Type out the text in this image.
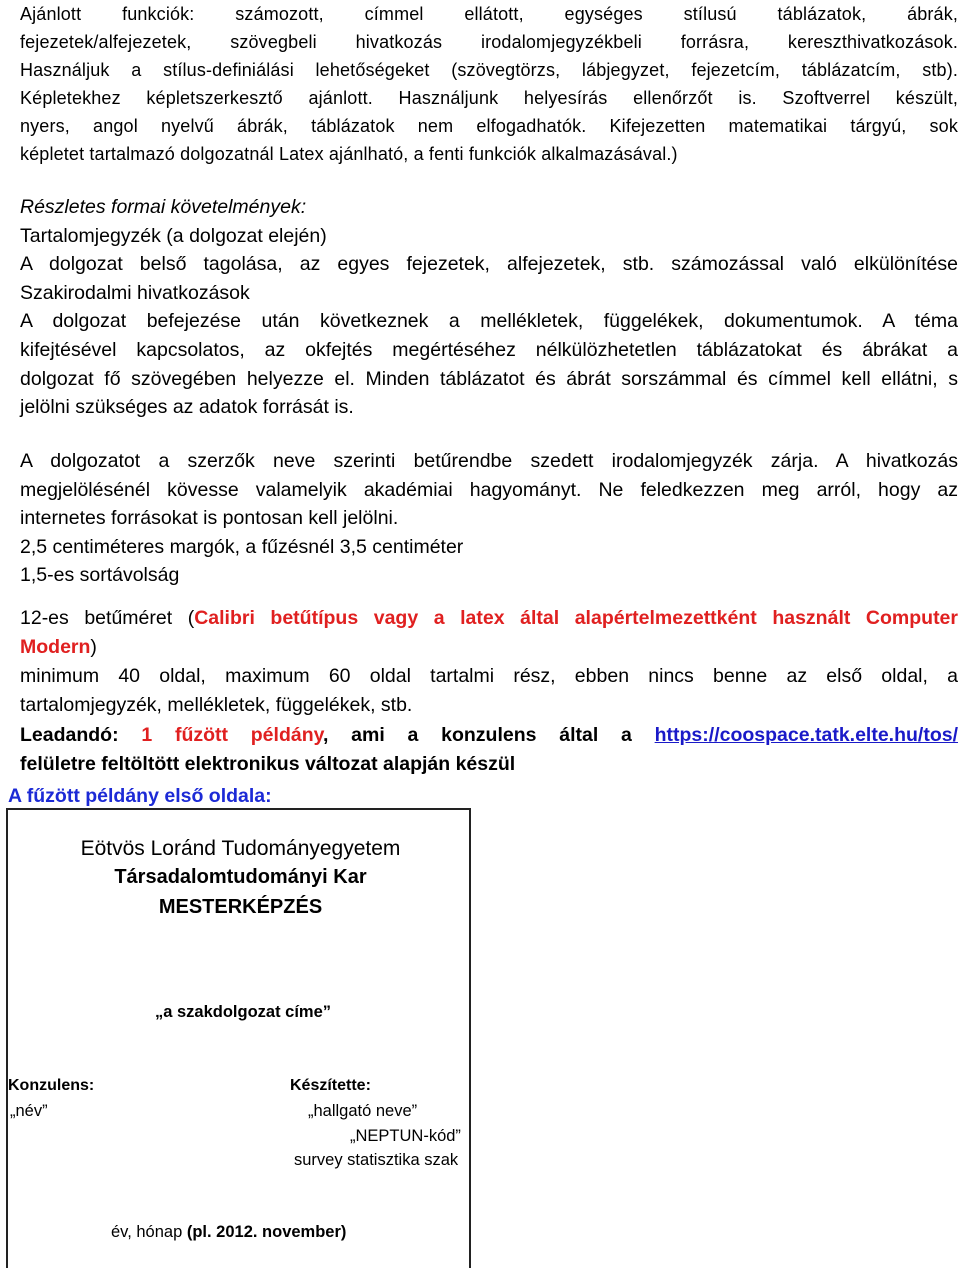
Ajánlott funkciók: számozott, címmel ellátott, egységes stílusú táblázatok, ábrák,
fejezetek/alfejezetek, szövegbeli hivatkozás irodalomjegyzékbeli forrásra, kereszthivatkozások.
Használjuk a stílus-definiálási lehetőségeket (szövegtörzs, lábjegyzet, fejezetcím, táblázatcím, stb).
Képletekhez képletszerkesztő ajánlott. Használjunk helyesírás ellenőrzőt is. Szoftverrel készült,
nyers, angol nyelvű ábrák, táblázatok nem elfogadhatók. Kifejezetten matematikai tárgyú, sok
képletet tartalmazó dolgozatnál Latex ajánlható, a fenti funkciók alkalmazásával.)
Részletes formai követelmények:
Tartalomjegyzék (a dolgozat elején)
A dolgozat belső tagolása, az egyes fejezetek, alfejezetek, stb. számozással való elkülönítése
Szakirodalmi hivatkozások
A dolgozat befejezése után következnek a mellékletek, függelékek, dokumentumok. A téma
kifejtésével kapcsolatos, az okfejtés megértéséhez nélkülözhetetlen táblázatokat és ábrákat a
dolgozat fő szövegében helyezze el. Minden táblázatot és ábrát sorszámmal és címmel kell ellátni, s
jelölni szükséges az adatok forrását is.
A dolgozatot a szerzők neve szerinti betűrendbe szedett irodalomjegyzék zárja. A hivatkozás
megjelölésénél kövesse valamelyik akadémiai hagyományt. Ne feledkezzen meg arról, hogy az
internetes forrásokat is pontosan kell jelölni.
2,5 centiméteres margók, a fűzésnél 3,5 centiméter
1,5-es sortávolság
12-es betűméret (Calibri betűtípus vagy a latex által alapértelmezettként használt Computer
Modern)
minimum 40 oldal, maximum 60 oldal tartalmi rész, ebben nincs benne az első oldal, a
tartalomjegyzék, mellékletek, függelékek, stb.
Leadandó: 1 fűzött példány, ami a konzulens által a https://coospace.tatk.elte.hu/tos/
felületre feltöltött elektronikus változat alapján készül
A fűzött példány első oldala:
Eötvös Loránd Tudományegyetem
Társadalomtudományi Kar
MESTERKÉPZÉS
„a szakdolgozat címe”
Konzulens:
„név”
Készítette:
„hallgató neve”
„NEPTUN-kód”
survey statisztika szak
év, hónap (pl. 2012. november)
